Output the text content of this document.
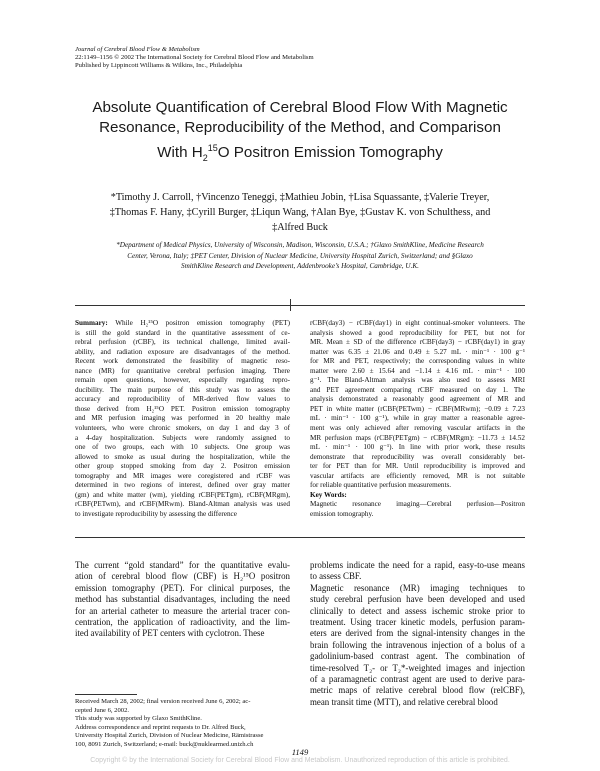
Journal of Cerebral Blood Flow & Metabolism
22:1149–1156 © 2002 The International Society for Cerebral Blood Flow and Metabolism
Published by Lippincott Williams & Wilkins, Inc., Philadelphia
Absolute Quantification of Cerebral Blood Flow With Magnetic
Resonance, Reproducibility of the Method, and Comparison
With $H_2^{15}O$ Positron Emission Tomography
*Timothy J. Carroll, †Vincenzo Teneggi, ‡Mathieu Jobin, †Lisa Squassante, ‡Valerie Treyer,
‡Thomas F. Hany, ‡Cyrill Burger, ‡Liqun Wang, †Alan Bye, ‡Gustav K. von Schulthess, and
‡Alfred Buck
*Department of Medical Physics, University of Wisconsin, Madison, Wisconsin, U.S.A.; †Glaxo SmithKline, Medicine Research
Center, Verona, Italy; ‡PET Center, Division of Nuclear Medicine, University Hospital Zurich, Switzerland; and §Glaxo
SmithKline Research and Development, Addenbrooke’s Hospital, Cambridge, U.K.
Summary: While H₂¹⁵O positron emission tomography (PET)
is still the gold standard in the quantitative assessment of ce-
rebral perfusion (rCBF), its technical challenge, limited avail-
ability, and radiation exposure are disadvantages of the method.
Recent work demonstrated the feasibility of magnetic reso-
nance (MR) for quantitative cerebral perfusion imaging. There
remain open questions, however, especially regarding repro-
ducibility. The main purpose of this study was to assess the
accuracy and reproducibility of MR-derived flow values to
those derived from H₂¹⁵O PET. Positron emission tomography
and MR perfusion imaging was performed in 20 healthy male
volunteers, who were chronic smokers, on day 1 and day 3 of
a 4-day hospitalization. Subjects were randomly assigned to
one of two groups, each with 10 subjects. One group was
allowed to smoke as usual during the hospitalization, while the
other group stopped smoking from day 2. Positron emission
tomography and MR images were coregistered and rCBF was
determined in two regions of interest, defined over gray matter
(gm) and white matter (wm), yielding rCBF(PETgm), rCBF(MRgm),
rCBF(PETwm), and rCBF(MRwm). Bland-Altman analysis was used
to investigate reproducibility by assessing the difference
rCBF(day3) − rCBF(day1) in eight continual-smoker volunteers. The
analysis showed a good reproducibility for PET, but not for
MR. Mean ± SD of the difference rCBF(day3) − rCBF(day1) in gray
matter was 6.35 ± 21.06 and 0.49 ± 5.27 mL · min⁻¹ · 100 g⁻¹
for MR and PET, respectively; the corresponding values in white
matter were 2.60 ± 15.64 and −1.14 ± 4.16 mL · min⁻¹ · 100
g⁻¹. The Bland-Altman analysis was also used to assess MRI
and PET agreement comparing rCBF measured on day 1. The
analysis demonstrated a reasonably good agreement of MR and
PET in white matter (rCBF(PETwm) − rCBF(MRwm); −0.09 ± 7.23
mL · min⁻¹ · 100 g⁻¹), while in gray matter a reasonable agree-
ment was only achieved after removing vascular artifacts in the
MR perfusion maps (rCBF(PETgm) − rCBF(MRgm): −11.73 ± 14.52
mL · min⁻¹ · 100 g⁻¹). In line with prior work, these results
demonstrate that reproducibility was overall considerably bet-
ter for PET than for MR. Until reproducibility is improved and
vascular artifacts are efficiently removed, MR is not suitable
for reliable quantitative perfusion measurements.
Key Words:
Magnetic resonance imaging—Cerebral perfusion—Positron
emission tomography.
The current “gold standard” for the quantitative evalu-
ation of cerebral blood flow (CBF) is H₂¹⁵O positron
emission tomography (PET). For clinical purposes, the
method has substantial disadvantages, including the need
for an arterial catheter to measure the arterial tracer con-
centration, the application of radioactivity, and the lim-
ited availability of PET centers with cyclotron. These
problems indicate the need for a rapid, easy-to-use means
to assess CBF.
Magnetic resonance (MR) imaging techniques to
study cerebral perfusion have been developed and used
clinically to detect and assess ischemic stroke prior to
treatment. Using tracer kinetic models, perfusion param-
eters are derived from the signal-intensity changes in the
brain following the intravenous injection of a bolus of a
gadolinium-based contrast agent. The combination of
time-resolved T₂- or T₂*-weighted images and injection
of a paramagnetic contrast agent are used to derive para-
metric maps of relative cerebral blood flow (relCBF),
mean transit time (MTT), and relative cerebral blood
Received March 28, 2002; final version received June 6, 2002; ac-
cepted June 6, 2002.
This study was supported by Glaxo SmithKline.
Address correspondence and reprint requests to Dr. Alfred Buck,
University Hospital Zurich, Division of Nuclear Medicine, Rämistrasse
100, 8091 Zurich, Switzerland; e-mail: buck@nuklearmed.unizh.ch
1149
Copyright © by the International Society for Cerebral Blood Flow and Metabolism. Unauthorized reproduction of this article is prohibited.
